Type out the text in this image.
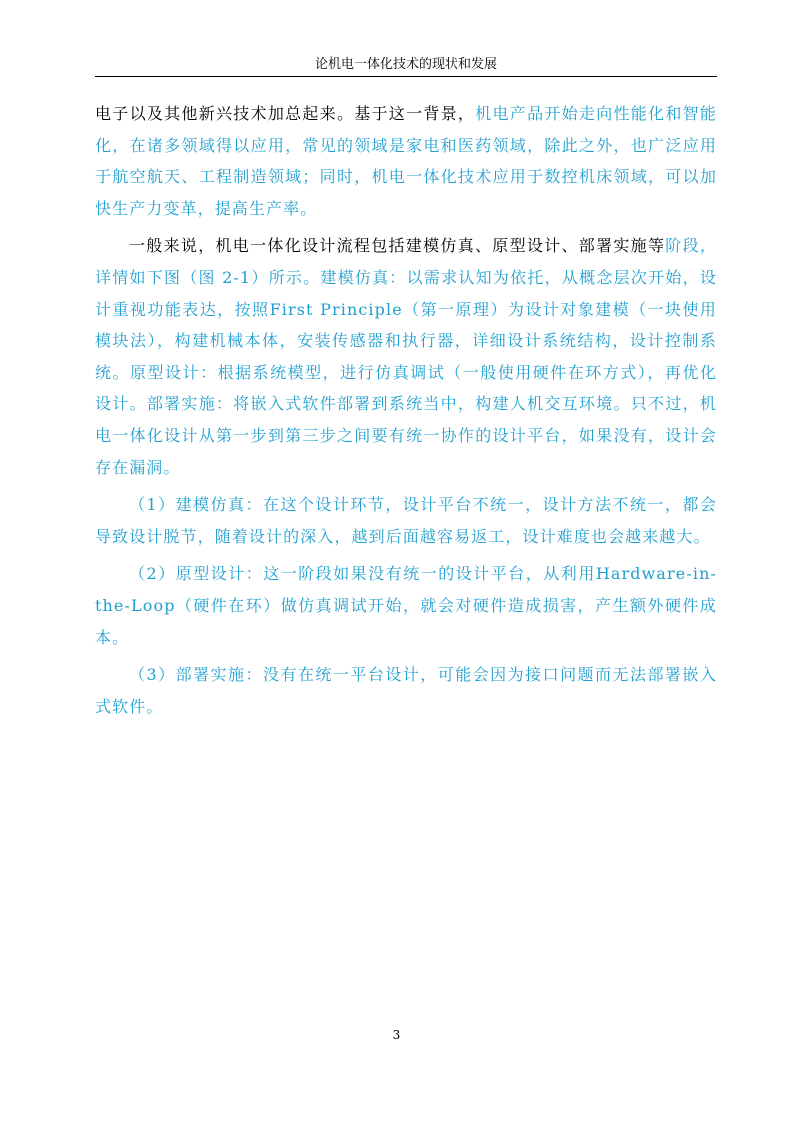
论机电一体化技术的现状和发展

电子以及其他新兴技术加总起来。基于这一背景，机电产品开始走向性能化和智能化，在诸多领域得以应用，常见的领域是家电和医药领域，除此之外，也广泛应用于航空航天、工程制造领域；同时，机电一体化技术应用于数控机床领域，可以加快生产力变革，提高生产率。

一般来说，机电一体化设计流程包括建模仿真、原型设计、部署实施等阶段，详情如下图（图 2-1）所示。建模仿真：以需求认知为依托，从概念层次开始，设计重视功能表达，按照First Principle（第一原理）为设计对象建模（一块使用模块法），构建机械本体，安装传感器和执行器，详细设计系统结构，设计控制系统。原型设计：根据系统模型，进行仿真调试（一般使用硬件在环方式），再优化设计。部署实施：将嵌入式软件部署到系统当中，构建人机交互环境。只不过，机电一体化设计从第一步到第三步之间要有统一协作的设计平台，如果没有，设计会存在漏洞。

（1）建模仿真：在这个设计环节，设计平台不统一，设计方法不统一，都会导致设计脱节，随着设计的深入，越到后面越容易返工，设计难度也会越来越大。

（2）原型设计：这一阶段如果没有统一的设计平台，从利用Hardware-in-the-Loop（硬件在环）做仿真调试开始，就会对硬件造成损害，产生额外硬件成本。

（3）部署实施：没有在统一平台设计，可能会因为接口问题而无法部署嵌入式软件。

3
